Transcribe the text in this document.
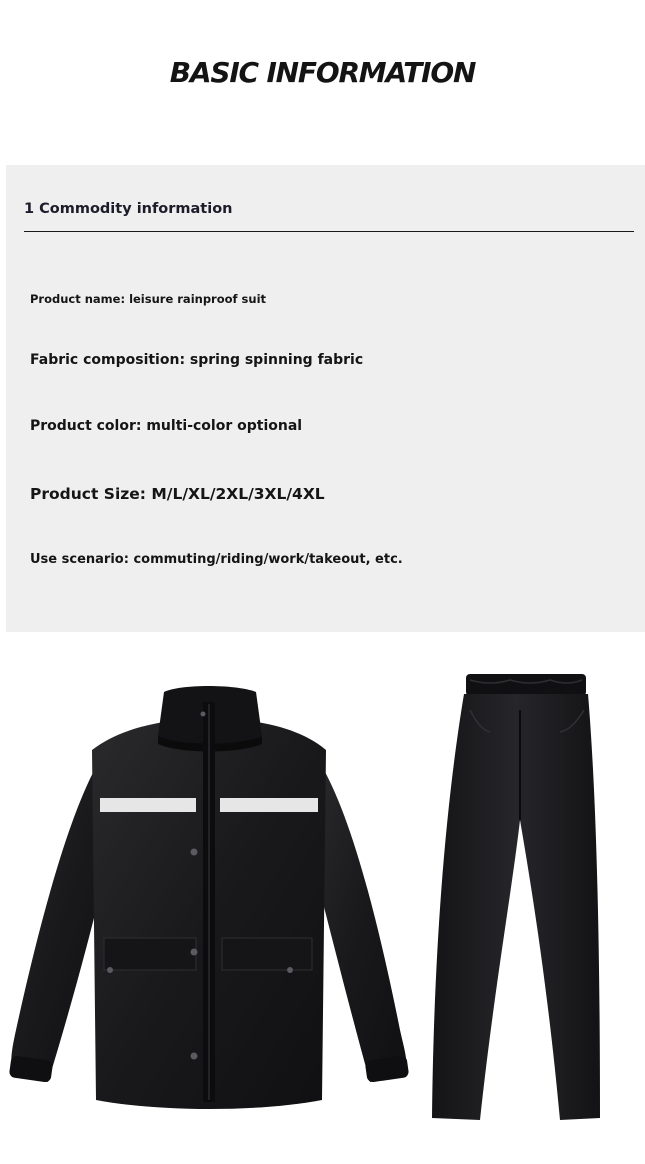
BASIC INFORMATION
1 Commodity information
Product name: leisure rainproof suit
Fabric composition: spring spinning fabric
Product color: multi-color optional
Product Size: M/L/XL/2XL/3XL/4XL
Use scenario: commuting/riding/work/takeout, etc.
